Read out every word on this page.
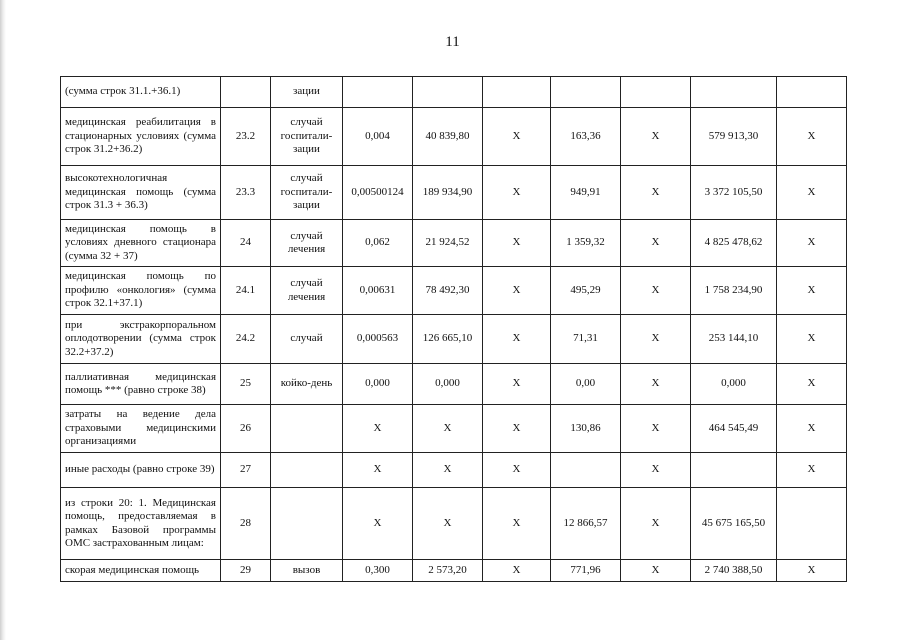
11
(сумма строк 31.1.+36.1)		зации							
медицинская реабилитация в стационарных условиях (сумма строк 31.2+36.2)	23.2	случай госпитали-зации	0,004	40 839,80	X	163,36	X	579 913,30	X
высокотехнологичная медицинская помощь (сумма строк 31.3 + 36.3)	23.3	случай госпитали-зации	0,00500124	189 934,90	X	949,91	X	3 372 105,50	X
медицинская помощь в условиях дневного стационара (сумма 32 + 37)	24	случай лечения	0,062	21 924,52	X	1 359,32	X	4 825 478,62	X
медицинская помощь по профилю «онкология» (сумма строк 32.1+37.1)	24.1	случай лечения	0,00631	78 492,30	X	495,29	X	1 758 234,90	X
при экстракорпоральном оплодотворении (сумма строк 32.2+37.2)	24.2	случай	0,000563	126 665,10	X	71,31	X	253 144,10	X
паллиативная медицинская помощь *** (равно строке 38)	25	койко-день	0,000	0,000	X	0,00	X	0,000	X
затраты на ведение дела страховыми медицинскими организациями	26		X	X	X	130,86	X	464 545,49	X
иные расходы (равно строке 39)	27		X	X	X		X		X
из строки 20: 1. Медицинская помощь, предоставляемая в рамках Базовой программы ОМС застрахованным лицам:	28		X	X	X	12 866,57	X	45 675 165,50	
скорая медицинская помощь	29	вызов	0,300	2 573,20	X	771,96	X	2 740 388,50	X
